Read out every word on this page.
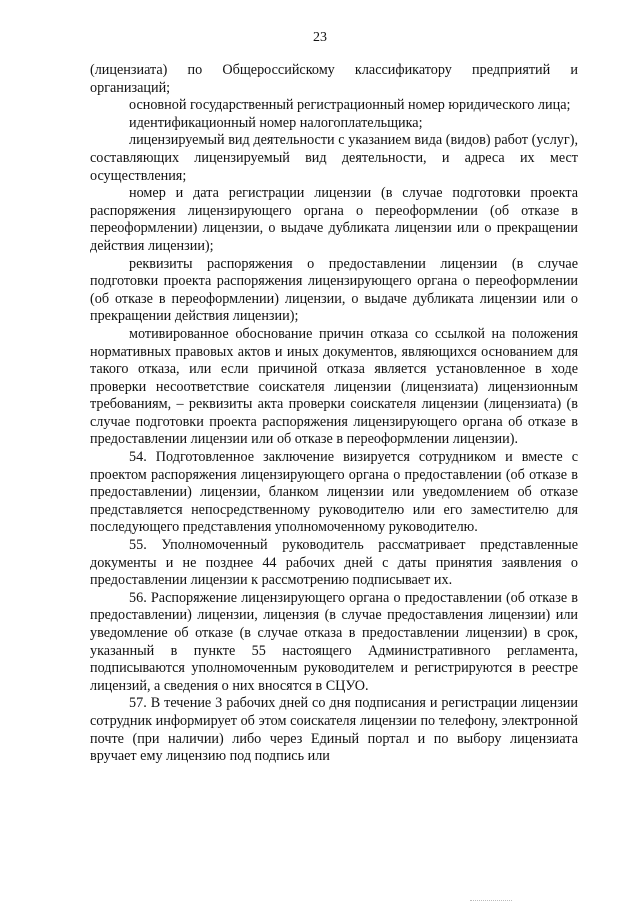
23

(лицензиата) по Общероссийскому классификатору предприятий и организаций;

основной государственный регистрационный номер юридического лица;

идентификационный номер налогоплательщика;

лицензируемый вид деятельности с указанием вида (видов) работ (услуг), составляющих лицензируемый вид деятельности, и адреса их мест осуществления;

номер и дата регистрации лицензии (в случае подготовки проекта распоряжения лицензирующего органа о переоформлении (об отказе в переоформлении) лицензии, о выдаче дубликата лицензии или о прекращении действия лицензии);

реквизиты распоряжения о предоставлении лицензии (в случае подготовки проекта распоряжения лицензирующего органа о переоформлении (об отказе в переоформлении) лицензии, о выдаче дубликата лицензии или о прекращении действия лицензии);

мотивированное обоснование причин отказа со ссылкой на положения нормативных правовых актов и иных документов, являющихся основанием для такого отказа, или если причиной отказа является установленное в ходе проверки несоответствие соискателя лицензии (лицензиата) лицензионным требованиям, – реквизиты акта проверки соискателя лицензии (лицензиата) (в случае подготовки проекта распоряжения лицензирующего органа об отказе в предоставлении лицензии или об отказе в переоформлении лицензии).

54. Подготовленное заключение визируется сотрудником и вместе с проектом распоряжения лицензирующего органа о предоставлении (об отказе в предоставлении) лицензии, бланком лицензии или уведомлением об отказе представляется непосредственному руководителю или его заместителю для последующего представления уполномоченному руководителю.

55. Уполномоченный руководитель рассматривает представленные документы и не позднее 44 рабочих дней с даты принятия заявления о предоставлении лицензии к рассмотрению подписывает их.

56. Распоряжение лицензирующего органа о предоставлении (об отказе в предоставлении) лицензии, лицензия (в случае предоставления лицензии) или уведомление об отказе (в случае отказа в предоставлении лицензии) в срок, указанный в пункте 55 настоящего Административного регламента, подписываются уполномоченным руководителем и регистрируются в реестре лицензий, а сведения о них вносятся в СЦУО.

57. В течение 3 рабочих дней со дня подписания и регистрации лицензии сотрудник информирует об этом соискателя лицензии по телефону, электронной почте (при наличии) либо через Единый портал и по выбору лицензиата вручает ему лицензию под подпись или
